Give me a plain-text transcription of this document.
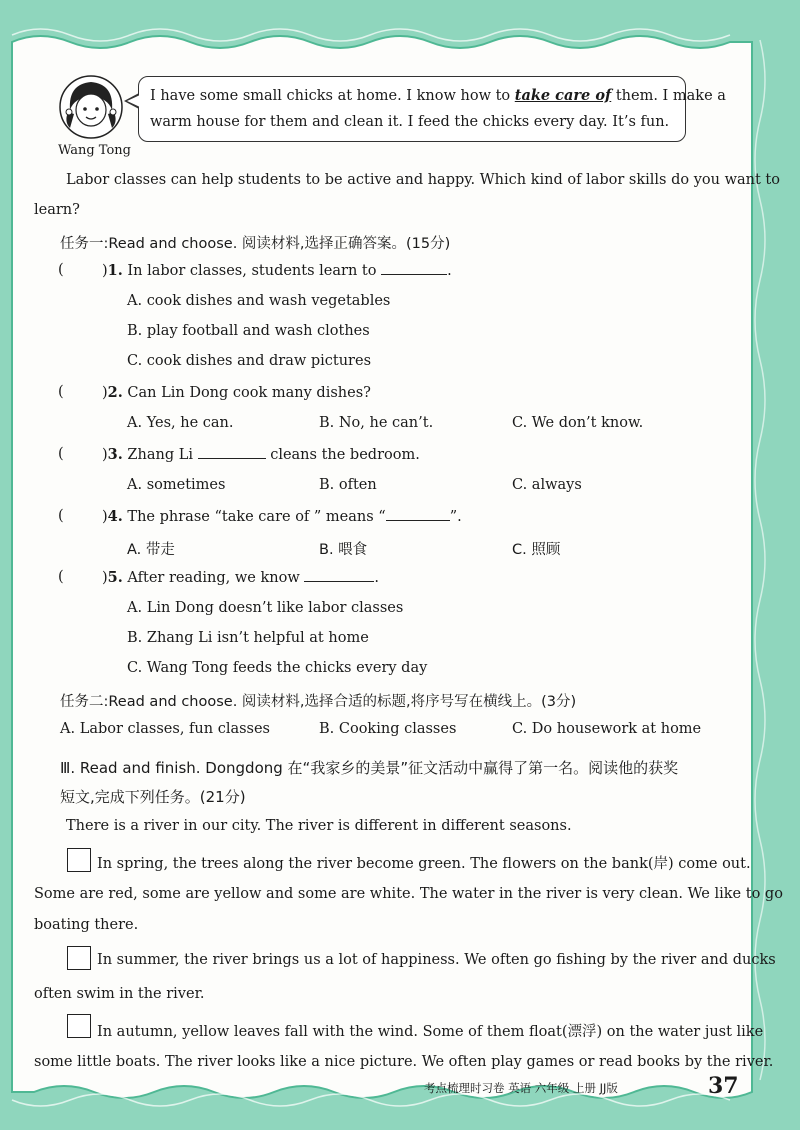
Wang Tong
I have some small chicks at home. I know how to take care of them. I make a
warm house for them and clean it. I feed the chicks every day. It’s fun.
Labor classes can help students to be active and happy. Which kind of labor skills do you want to
learn?
任务一:Read and choose. 阅读材料,选择正确答案。(15分)
(	)1. In labor classes, students learn to	.
A. cook dishes and wash vegetables
B. play football and wash clothes
C. cook dishes and draw pictures
(	)2. Can Lin Dong cook many dishes?
A. Yes, he can.	B. No, he can’t.	C. We don’t know.
(	)3. Zhang Li	cleans the bedroom.
A. sometimes	B. often	C. always
(	)4. The phrase “take care of ” means “	”.
A. 带走	B. 喂食	C. 照顾
(	)5. After reading, we know	.
A. Lin Dong doesn’t like labor classes
B. Zhang Li isn’t helpful at home
C. Wang Tong feeds the chicks every day
任务二:Read and choose. 阅读材料,选择合适的标题,将序号写在横线上。(3分)
A. Labor classes, fun classes	B. Cooking classes	C. Do housework at home
Ⅲ. Read and finish. Dongdong 在“我家乡的美景”征文活动中赢得了第一名。阅读他的获奖
短文,完成下列任务。(21分)
There is a river in our city. The river is different in different seasons.
In spring, the trees along the river become green. The flowers on the bank(岸) come out.
Some are red, some are yellow and some are white. The water in the river is very clean. We like to go
boating there.
In summer, the river brings us a lot of happiness. We often go fishing by the river and ducks
often swim in the river.
In autumn, yellow leaves fall with the wind. Some of them float(漂浮) on the water just like
some little boats. The river looks like a nice picture. We often play games or read books by the river.
考点梳理时习卷 英语 六年级 上册 JJ版	37
